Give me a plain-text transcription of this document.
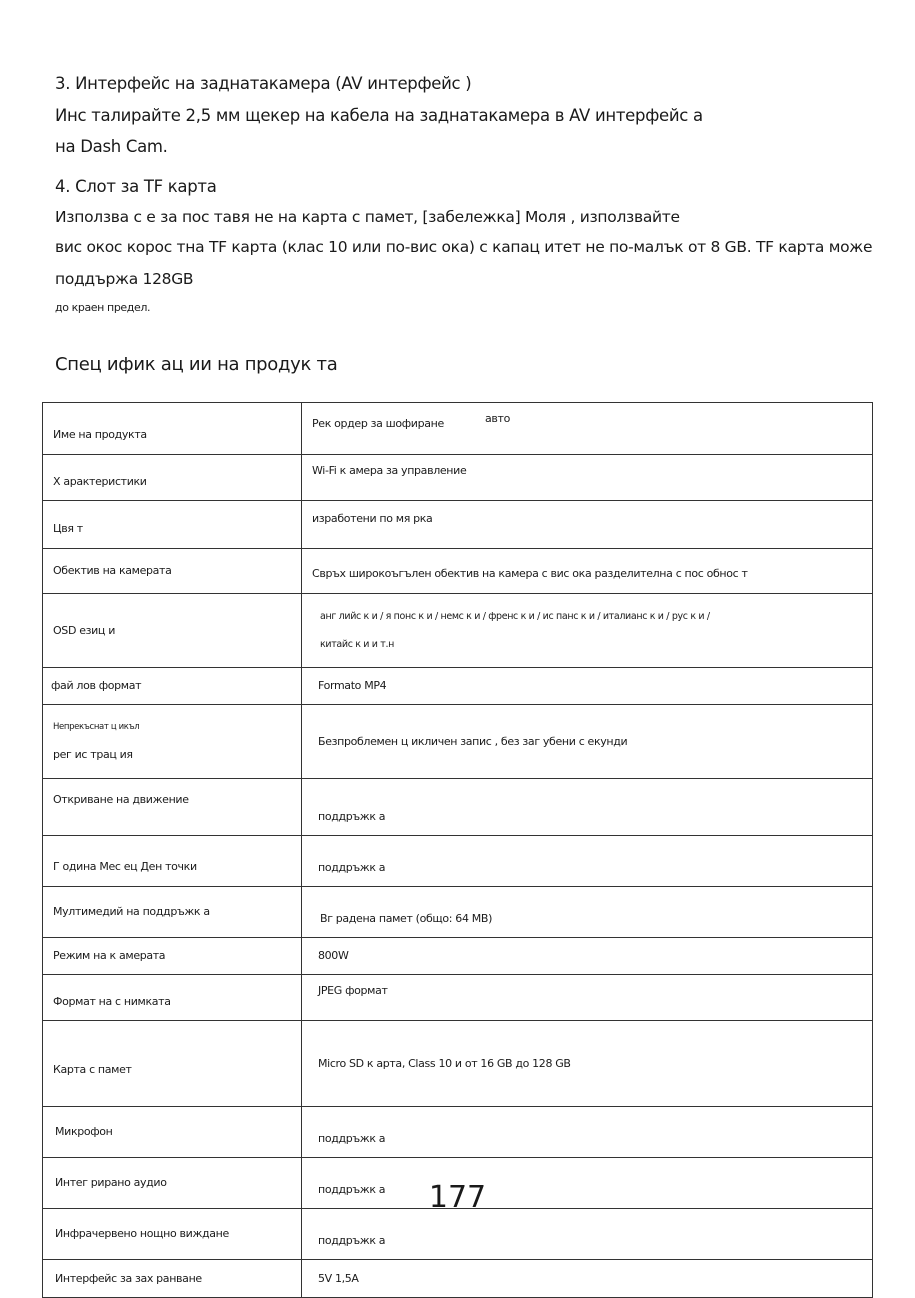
3. Интерфейс на заднатакамера (AV интерфейс )
Инс талирайте 2,5 мм щекер на кабела на заднатакамера в AV интерфейс а
на Dash Cam.
4. Слот за TF карта
Използва с е за пос тавя не на карта с памет, [забележка] Моля , използвайте
вис окос корос тна TF карта (клас 10 или по-вис ока) с капац итет не по-малък от 8 GB. TF карта може
поддържа 128GB
до краен предел.
Спец ифик ац ии на продук та
Име на продукта	Рек ордер за шофиране авто
Х арактеристики	Wi-Fi к амера за управление
Цвя т	изработени по мя рка
Обектив на камерата	Свръх широкоъгълен обектив на камера с вис ока разделителна с пос обнос т
OSD езиц и	анг лийс к и / я понс к и / немс к и / френс к и / ис панс к и / италианс к и / рус к и /
китайс к и и т.н

фай лов формат	Formato MP4

Непрекъснат ц икъл
рег ис трац ия	Безпроблемен ц икличен запис , без заг убени с екунди
Откриване на движение	поддръжк а
Г одина Мес ец Ден точки	поддръжк а
Мултимедий на поддръжк а	Вг радена памет (общо: 64 MB)
Режим на к амерата	800W
Формат на с нимката	JPEG формат
Карта с памет	Micro SD к арта, Class 10 и от 16 GB до 128 GB
Микрофон	поддръжк а
Интег рирано аудио	поддръжк а
Инфрачервено нощно виждане	поддръжк а
Интерфейс за зах ранване	5V 1,5A
177
